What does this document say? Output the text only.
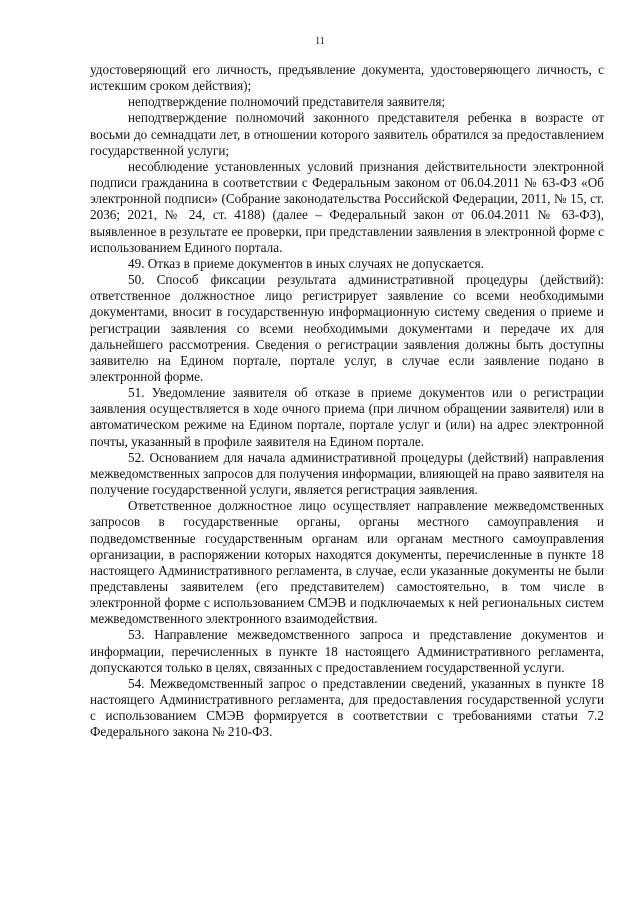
11

удостоверяющий его личность, предъявление документа, удостоверяющего личность, с истекшим сроком действия);

неподтверждение полномочий представителя заявителя;

неподтверждение полномочий законного представителя ребенка в возрасте от восьми до семнадцати лет, в отношении которого заявитель обратился за предоставлением государственной услуги;

несоблюдение установленных условий признания действительности электронной подписи гражданина в соответствии с Федеральным законом от 06.04.2011 № 63-ФЗ «Об электронной подписи» (Собрание законодательства Российской Федерации, 2011, № 15, ст. 2036; 2021, № 24, ст. 4188) (далее – Федеральный закон от 06.04.2011 № 63-ФЗ), выявленное в результате ее проверки, при представлении заявления в электронной форме с использованием Единого портала.

49. Отказ в приеме документов в иных случаях не допускается.

50. Способ фиксации результата административной процедуры (действий): ответственное должностное лицо регистрирует заявление со всеми необходимыми документами, вносит в государственную информационную систему сведения о приеме и регистрации заявления со всеми необходимыми документами и передаче их для дальнейшего рассмотрения. Сведения о регистрации заявления должны быть доступны заявителю на Едином портале, портале услуг, в случае если заявление подано в электронной форме.

51. Уведомление заявителя об отказе в приеме документов или о регистрации заявления осуществляется в ходе очного приема (при личном обращении заявителя) или в автоматическом режиме на Едином портале, портале услуг и (или) на адрес электронной почты, указанный в профиле заявителя на Едином портале.

52. Основанием для начала административной процедуры (действий) направления межведомственных запросов для получения информации, влияющей на право заявителя на получение государственной услуги, является регистрация заявления.

Ответственное должностное лицо осуществляет направление межведомственных запросов в государственные органы, органы местного самоуправления и подведомственные государственным органам или органам местного самоуправления организации, в распоряжении которых находятся документы, перечисленные в пункте 18 настоящего Административного регламента, в случае, если указанные документы не были представлены заявителем (его представителем) самостоятельно, в том числе в электронной форме с использованием СМЭВ и подключаемых к ней региональных систем межведомственного электронного взаимодействия.

53. Направление межведомственного запроса и представление документов и информации, перечисленных в пункте 18 настоящего Административного регламента, допускаются только в целях, связанных с предоставлением государственной услуги.

54. Межведомственный запрос о представлении сведений, указанных в пункте 18 настоящего Административного регламента, для предоставления государственной услуги с использованием СМЭВ формируется в соответствии с требованиями статьи 7.2 Федерального закона № 210-ФЗ.
